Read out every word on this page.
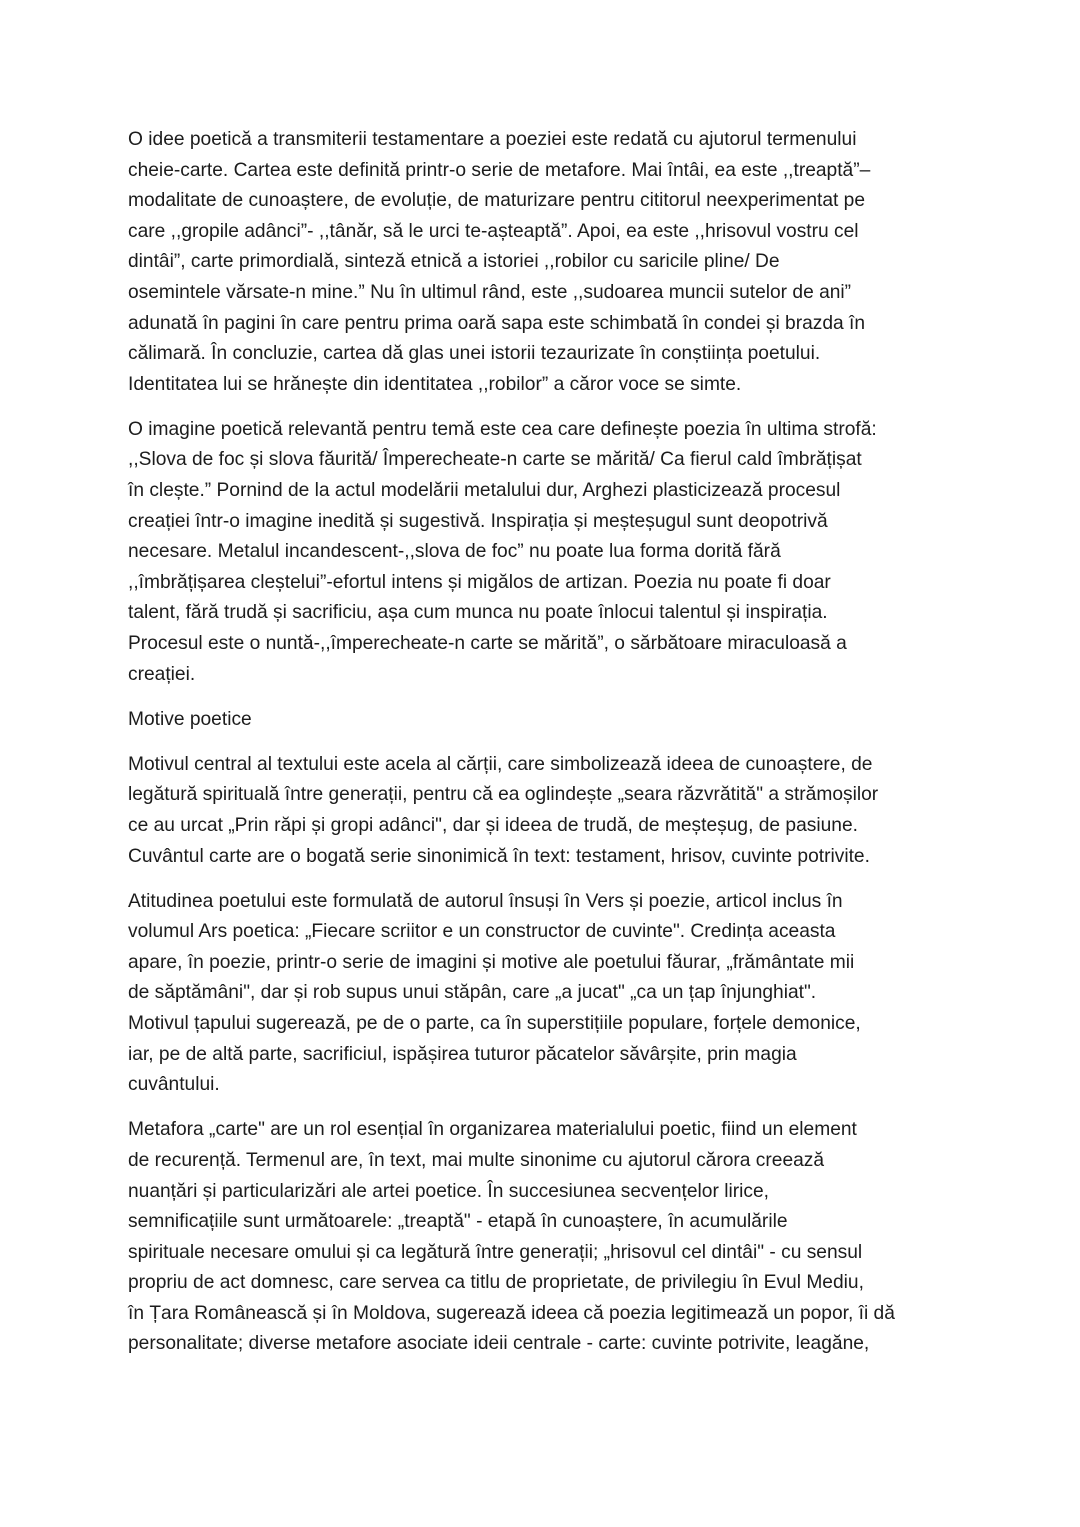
O idee poetică a transmiterii testamentare a poeziei este redată cu ajutorul termenului
cheie-carte. Cartea este definită printr-o serie de metafore. Mai întâi, ea este ,,treaptă”–
modalitate de cunoaștere, de evoluție, de maturizare pentru cititorul neexperimentat pe
care ,,gropile adânci”- ,,tânăr, să le urci te-așteaptă”. Apoi, ea este ,,hrisovul vostru cel
dintâi”, carte primordială, sinteză etnică a istoriei ,,robilor cu saricile pline/ De
osemintele vărsate-n mine.” Nu în ultimul rând, este ,,sudoarea muncii sutelor de ani”
adunată în pagini în care pentru prima oară sapa este schimbată în condei și brazda în
călimară. În concluzie, cartea dă glas unei istorii tezaurizate în conștiința poetului.
Identitatea lui se hrănește din identitatea ,,robilor” a căror voce se simte.

O imagine poetică relevantă pentru temă este cea care definește poezia în ultima strofă:
,,Slova de foc și slova făurită/ Împerecheate-n carte se mărită/ Ca fierul cald îmbrățișat
în clește.” Pornind de la actul modelării metalului dur, Arghezi plasticizează procesul
creației într-o imagine inedită și sugestivă. Inspirația și meșteșugul sunt deopotrivă
necesare. Metalul incandescent-,,slova de foc” nu poate lua forma dorită fără
,,îmbrățișarea cleștelui”-efortul intens și migălos de artizan. Poezia nu poate fi doar
talent, fără trudă și sacrificiu, așa cum munca nu poate înlocui talentul și inspirația.
Procesul este o nuntă-,,împerecheate-n carte se mărită”, o sărbătoare miraculoasă a
creației.

Motive poetice

Motivul central al textului este acela al cărții, care simbolizează ideea de cunoaștere, de
legătură spirituală între generații, pentru că ea oglindește „seara răzvrătită" a strămoșilor
ce au urcat „Prin răpi și gropi adânci", dar și ideea de trudă, de meșteșug, de pasiune.
Cuvântul carte are o bogată serie sinonimică în text: testament, hrisov, cuvinte potrivite.

Atitudinea poetului este formulată de autorul însuși în Vers și poezie, articol inclus în
volumul Ars poetica: „Fiecare scriitor e un constructor de cuvinte". Credința aceasta
apare, în poezie, printr-o serie de imagini și motive ale poetului făurar, „frământate mii
de săptămâni", dar și rob supus unui stăpân, care „a jucat" „ca un țap înjunghiat".
Motivul țapului sugerează, pe de o parte, ca în superstițiile populare, forțele demonice,
iar, pe de altă parte, sacrificiul, ispășirea tuturor păcatelor săvârșite, prin magia
cuvântului.

Metafora „carte" are un rol esențial în organizarea materialului poetic, fiind un element
de recurență. Termenul are, în text, mai multe sinonime cu ajutorul cărora creează
nuanțări și particularizări ale artei poetice. În succesiunea secvențelor lirice,
semnificațiile sunt următoarele: „treaptă" - etapă în cunoaștere, în acumulările
spirituale necesare omului și ca legătură între generații; „hrisovul cel dintâi" - cu sensul
propriu de act domnesc, care servea ca titlu de proprietate, de privilegiu în Evul Mediu,
în Țara Românească și în Moldova, sugerează ideea că poezia legitimează un popor, îi dă
personalitate; diverse metafore asociate ideii centrale - carte: cuvinte potrivite, leagăne,
